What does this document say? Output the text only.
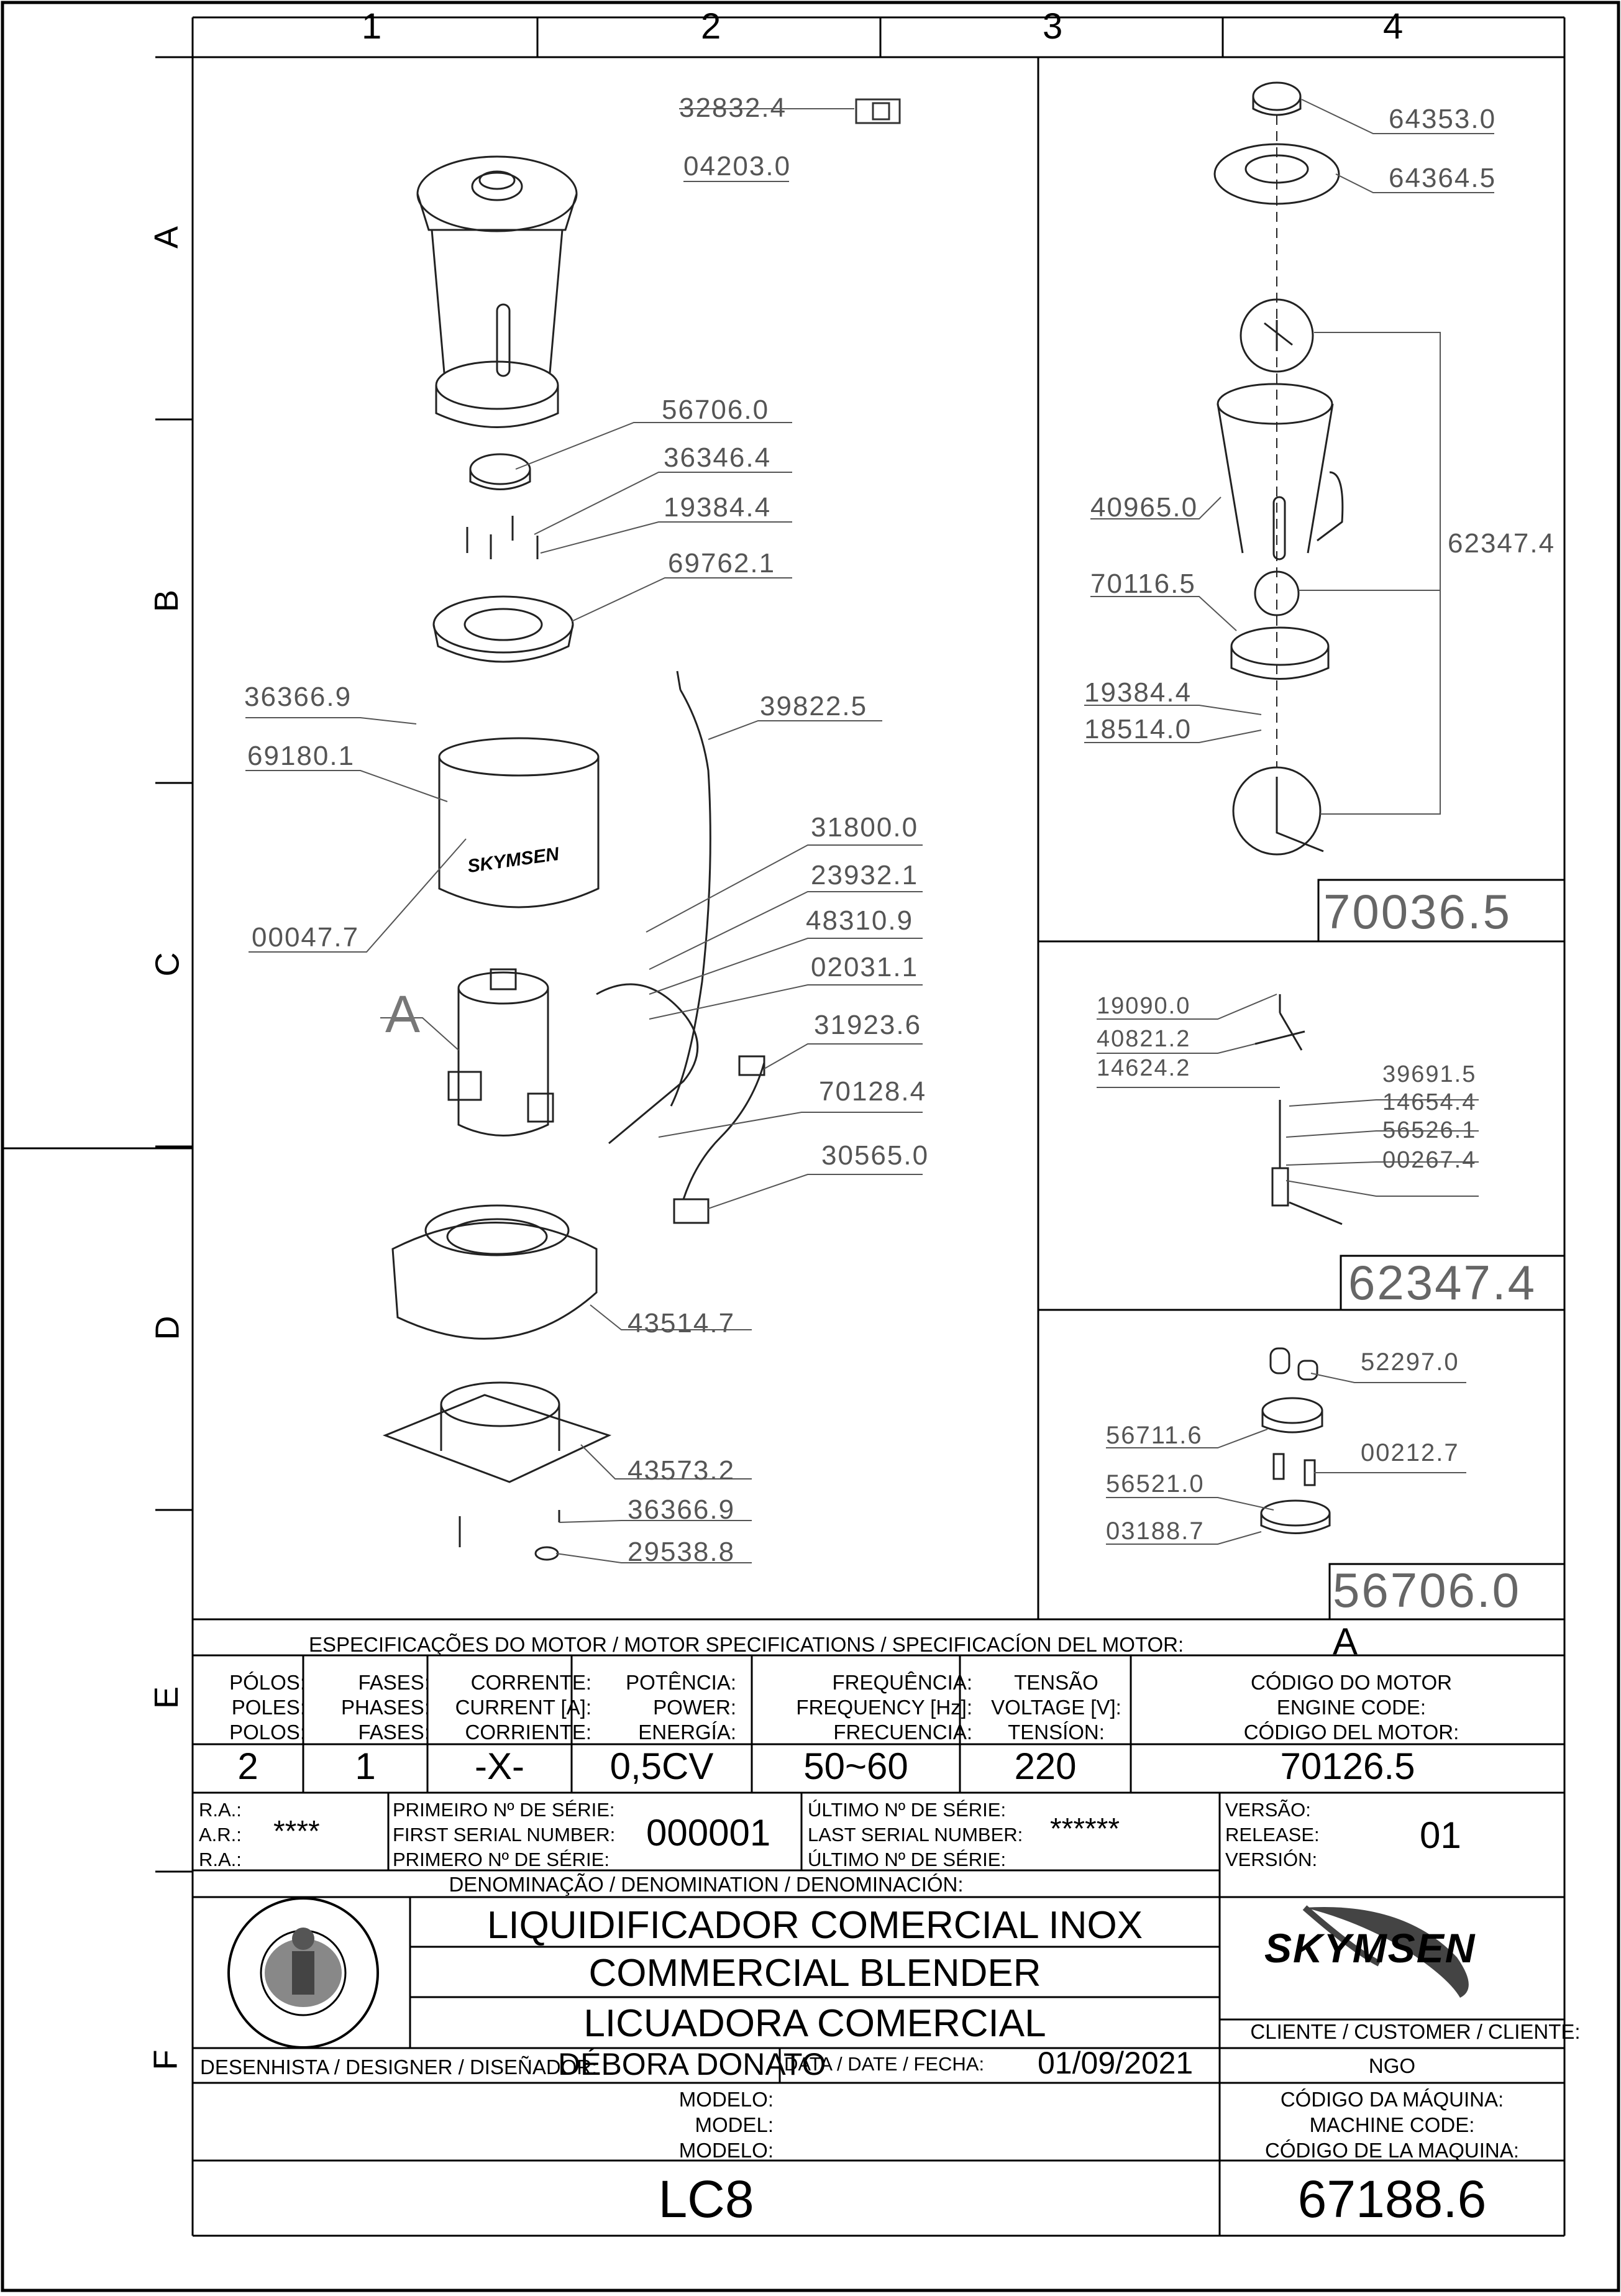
1	2	3	4
A
B
C
D
E
F
32832.4
04203.0
56706.0
36346.4
19384.4
69762.1
36366.9
69180.1
39822.5
31800.0
23932.1
48310.9
02031.1
31923.6
70128.4
30565.0
00047.7
A
43514.7
43573.2
36366.9
29538.8
64353.0
64364.5
40965.0
62347.4
70116.5
19384.4
18514.0
70036.5
19090.0
40821.2
14624.2	39691.5
14654.4
56526.1
00267.4
62347.4
52297.0
56711.6
00212.7
56521.0
03188.7
56706.0
SKYMSEN
ESPECIFICAÇÕES DO MOTOR / MOTOR SPECIFICATIONS / SPECIFICACÍON DEL MOTOR:	A
PÓLOS:
POLES:
POLOS:
FASES:
PHASES:
FASES:
CORRENTE:
CURRENT [A]:
CORRIENTE:
POTÊNCIA:
POWER:
ENERGÍA:
FREQUÊNCIA:
FREQUENCY [Hz]:
FRECUENCIA:
TENSÃO
VOLTAGE [V]:
TENSÍON:
CÓDIGO DO MOTOR
ENGINE CODE:
CÓDIGO DEL MOTOR:
2	1	-X-	0,5CV	50~60	220	70126.5
R.A.:
A.R.:
R.A.:
****
PRIMEIRO Nº DE SÉRIE:
FIRST SERIAL NUMBER:
PRIMERO Nº DE SÉRIE:
000001
ÚLTIMO Nº DE SÉRIE:
LAST SERIAL NUMBER:
ÚLTIMO Nº DE SÉRIE:
******
VERSÃO:
RELEASE:
VERSIÓN:
01
DENOMINAÇÃO / DENOMINATION / DENOMINACIÓN:
LIQUIDIFICADOR COMERCIAL INOX
COMMERCIAL BLENDER
LICUADORA COMERCIAL
SKYMSEN
CLIENTE / CUSTOMER / CLIENTE:
NGO
DESENHISTA / DESIGNER / DISEÑADOR:
DÉBORA DONATO
DATA / DATE / FECHA: 01/09/2021
MODELO:
MODEL:
MODELO:
LC8
CÓDIGO DA MÁQUINA:
MACHINE CODE:
CÓDIGO DE LA MAQUINA:
67188.6
